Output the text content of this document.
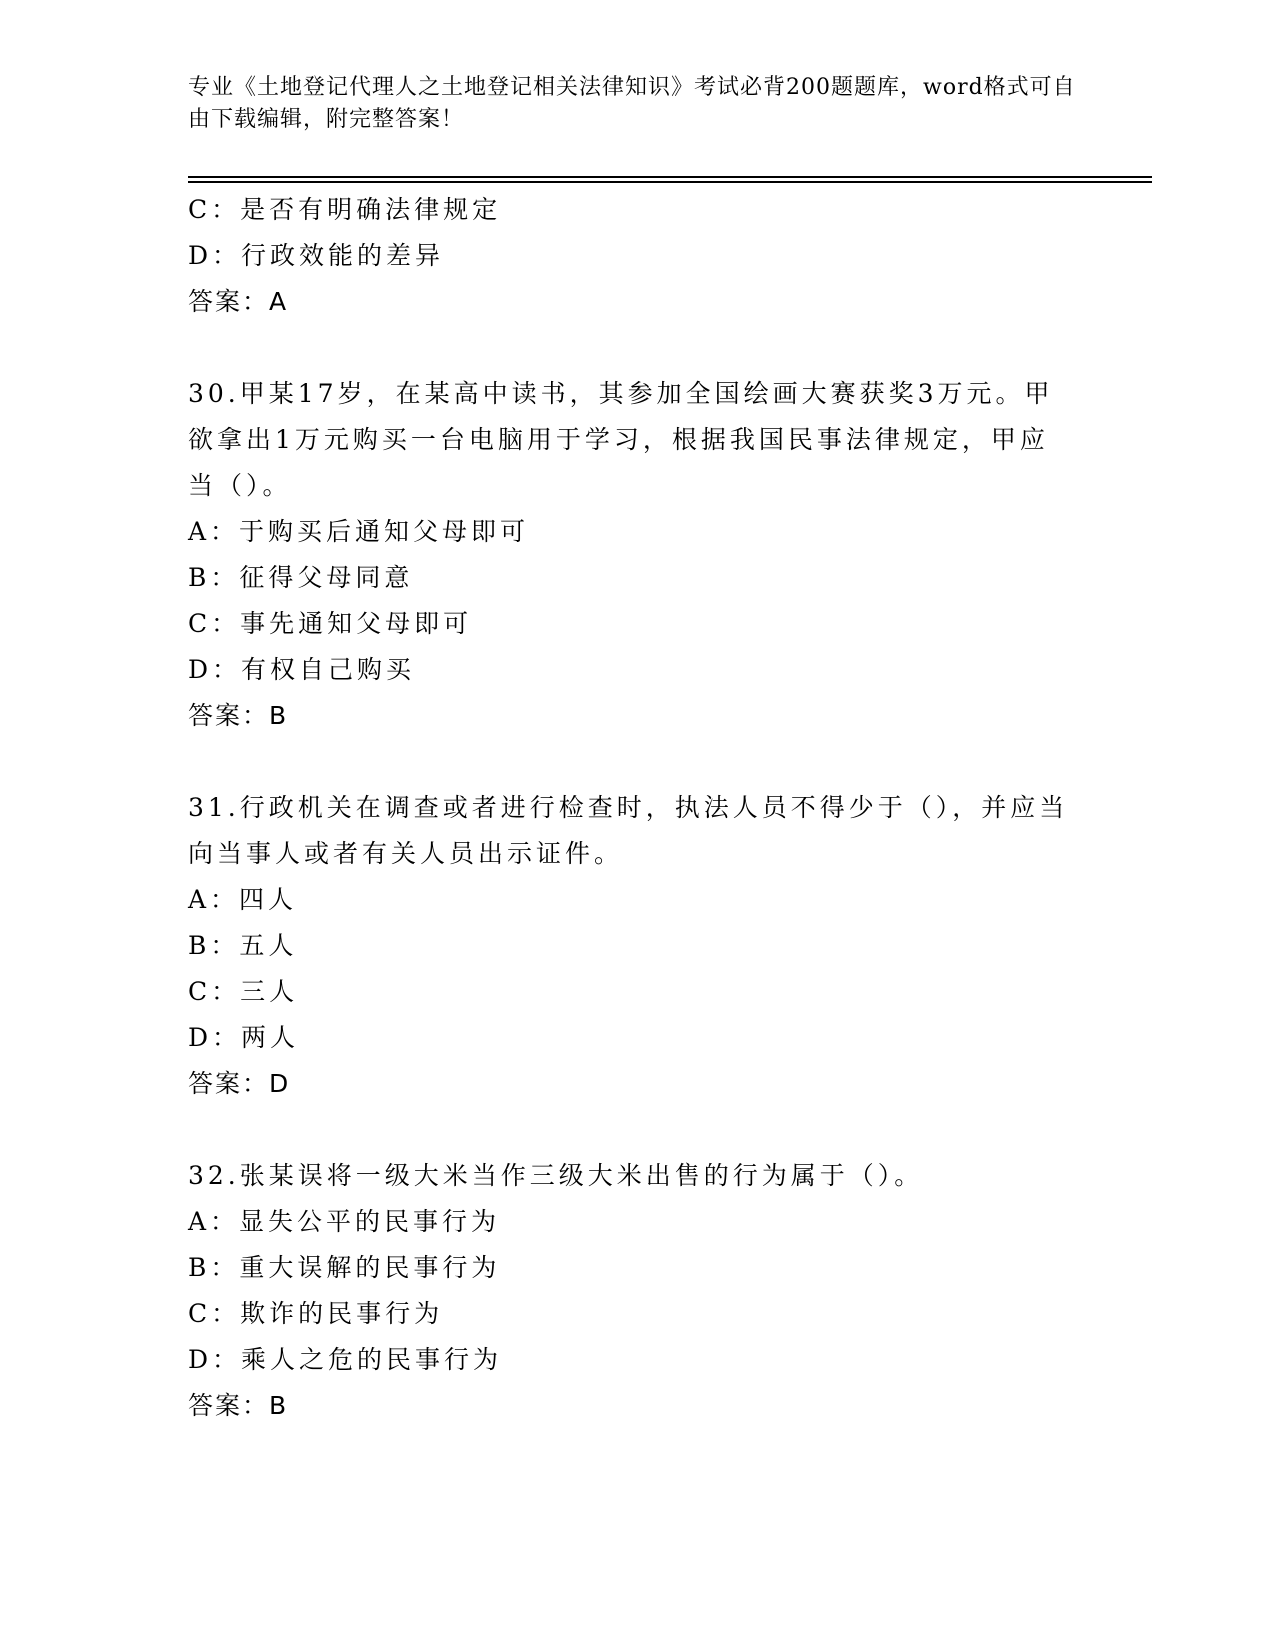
专业《土地登记代理人之土地登记相关法律知识》考试必背200题题库，word格式可自由下载编辑，附完整答案！
C：是否有明确法律规定
D：行政效能的差异
答案：A
30.甲某17岁，在某高中读书，其参加全国绘画大赛获奖3万元。甲
欲拿出1万元购买一台电脑用于学习，根据我国民事法律规定，甲应
当（）。
A：于购买后通知父母即可
B：征得父母同意
C：事先通知父母即可
D：有权自己购买
答案：B
31.行政机关在调查或者进行检查时，执法人员不得少于（），并应当
向当事人或者有关人员出示证件。
A：四人
B：五人
C：三人
D：两人
答案：D
32.张某误将一级大米当作三级大米出售的行为属于（）。
A：显失公平的民事行为
B：重大误解的民事行为
C：欺诈的民事行为
D：乘人之危的民事行为
答案：B
